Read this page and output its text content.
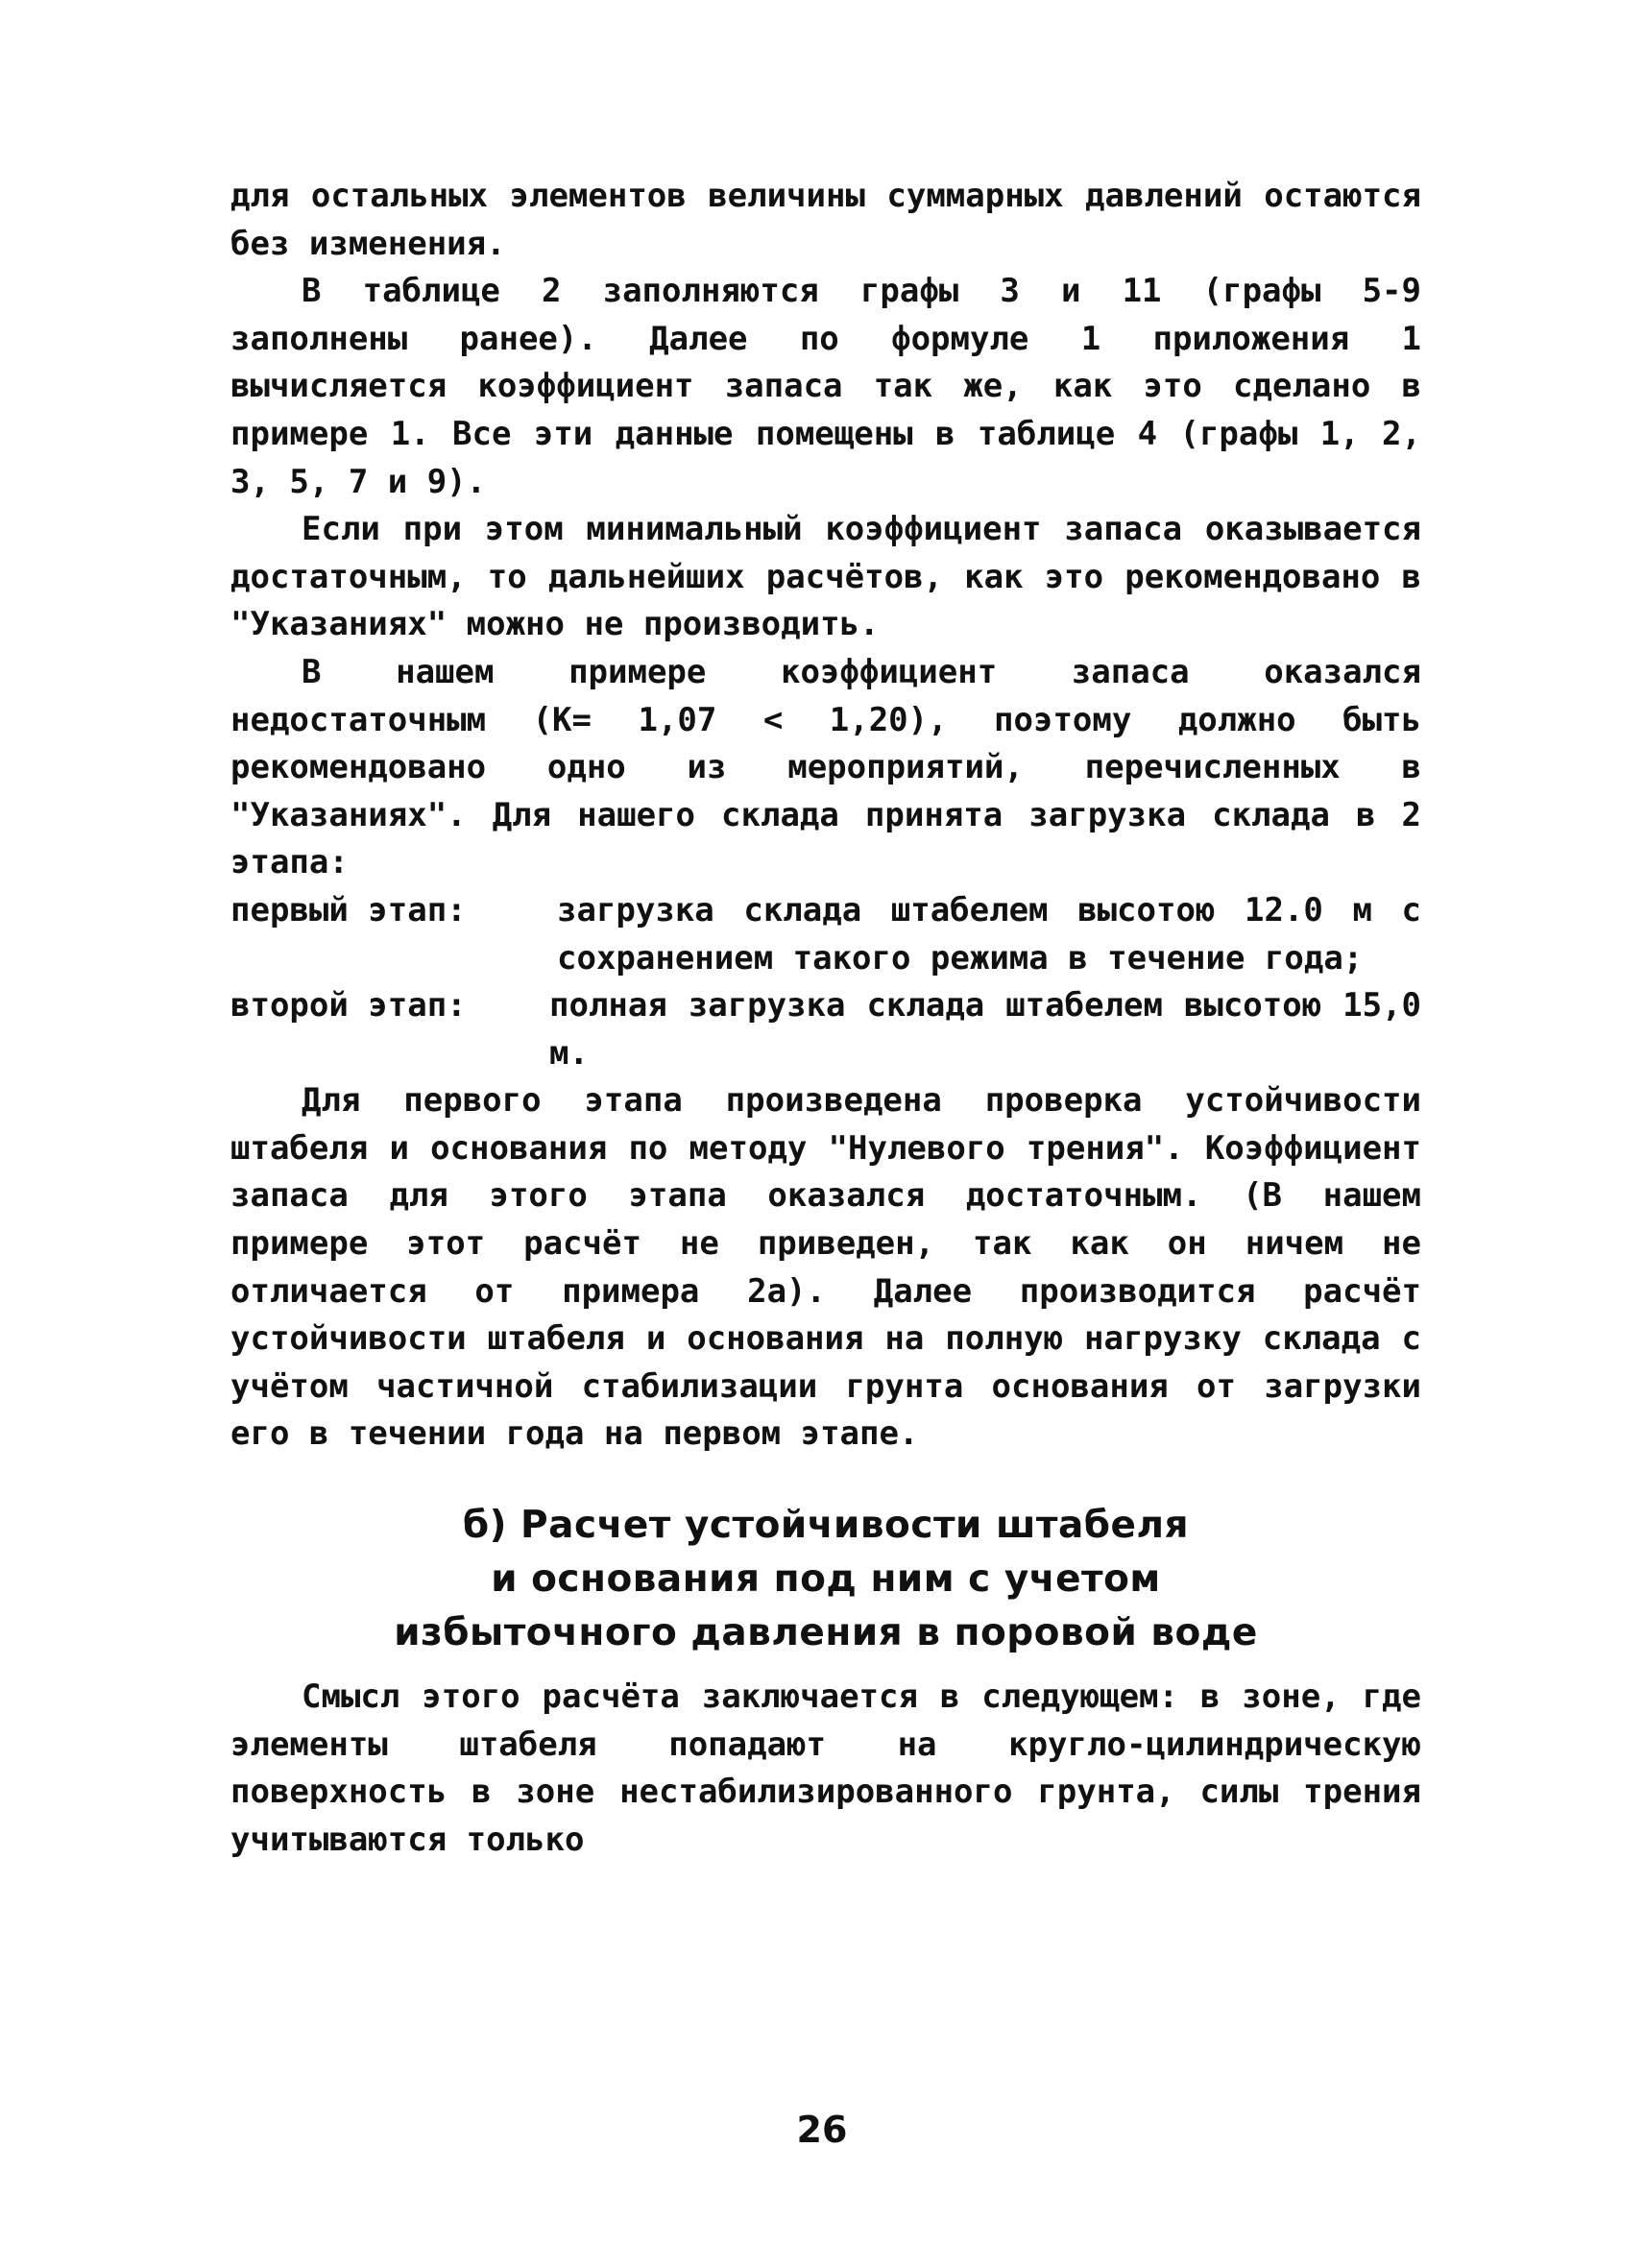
для остальных элементов величины суммарных давлений остаются без изменения.

В таблице 2 заполняются графы 3 и 11 (графы 5-9 заполнены ранее). Далее по формуле 1 приложения 1 вычисляется коэффициент запаса так же, как это сделано в примере 1. Все эти данные помещены в таблице 4 (графы 1, 2, 3, 5, 7 и 9).

Если при этом минимальный коэффициент запаса оказывается достаточным, то дальнейших расчётов, как это рекомендовано в "Указаниях" можно не производить.

В нашем примере коэффициент запаса оказался недостаточным (К= 1,07 < 1,20), поэтому должно быть рекомендовано одно из мероприятий, перечисленных в "Указаниях". Для нашего склада принята загрузка склада в 2 этапа:

первый этап:	загрузка склада штабелем высотою 12.0 м с сохранением такого режима в течение года;
второй этап:	полная загрузка склада штабелем высотою 15,0 м.

Для первого этапа произведена проверка устойчивости штабеля и основания по методу "Нулевого трения". Коэффициент запаса для этого этапа оказался достаточным. (В нашем примере этот расчёт не приведен, так как он ничем не отличается от примера 2а). Далее производится расчёт устойчивости штабеля и основания на полную нагрузку склада с учётом частичной стабилизации грунта основания от загрузки его в течении года на первом этапе.

б) Расчет устойчивости штабеля
и основания под ним с учетом
избыточного давления в поровой воде

Смысл этого расчёта заключается в следующем: в зоне, где элементы штабеля попадают на кругло-цилиндрическую поверхность в зоне нестабилизированного грунта, силы трения учитываются только

26
